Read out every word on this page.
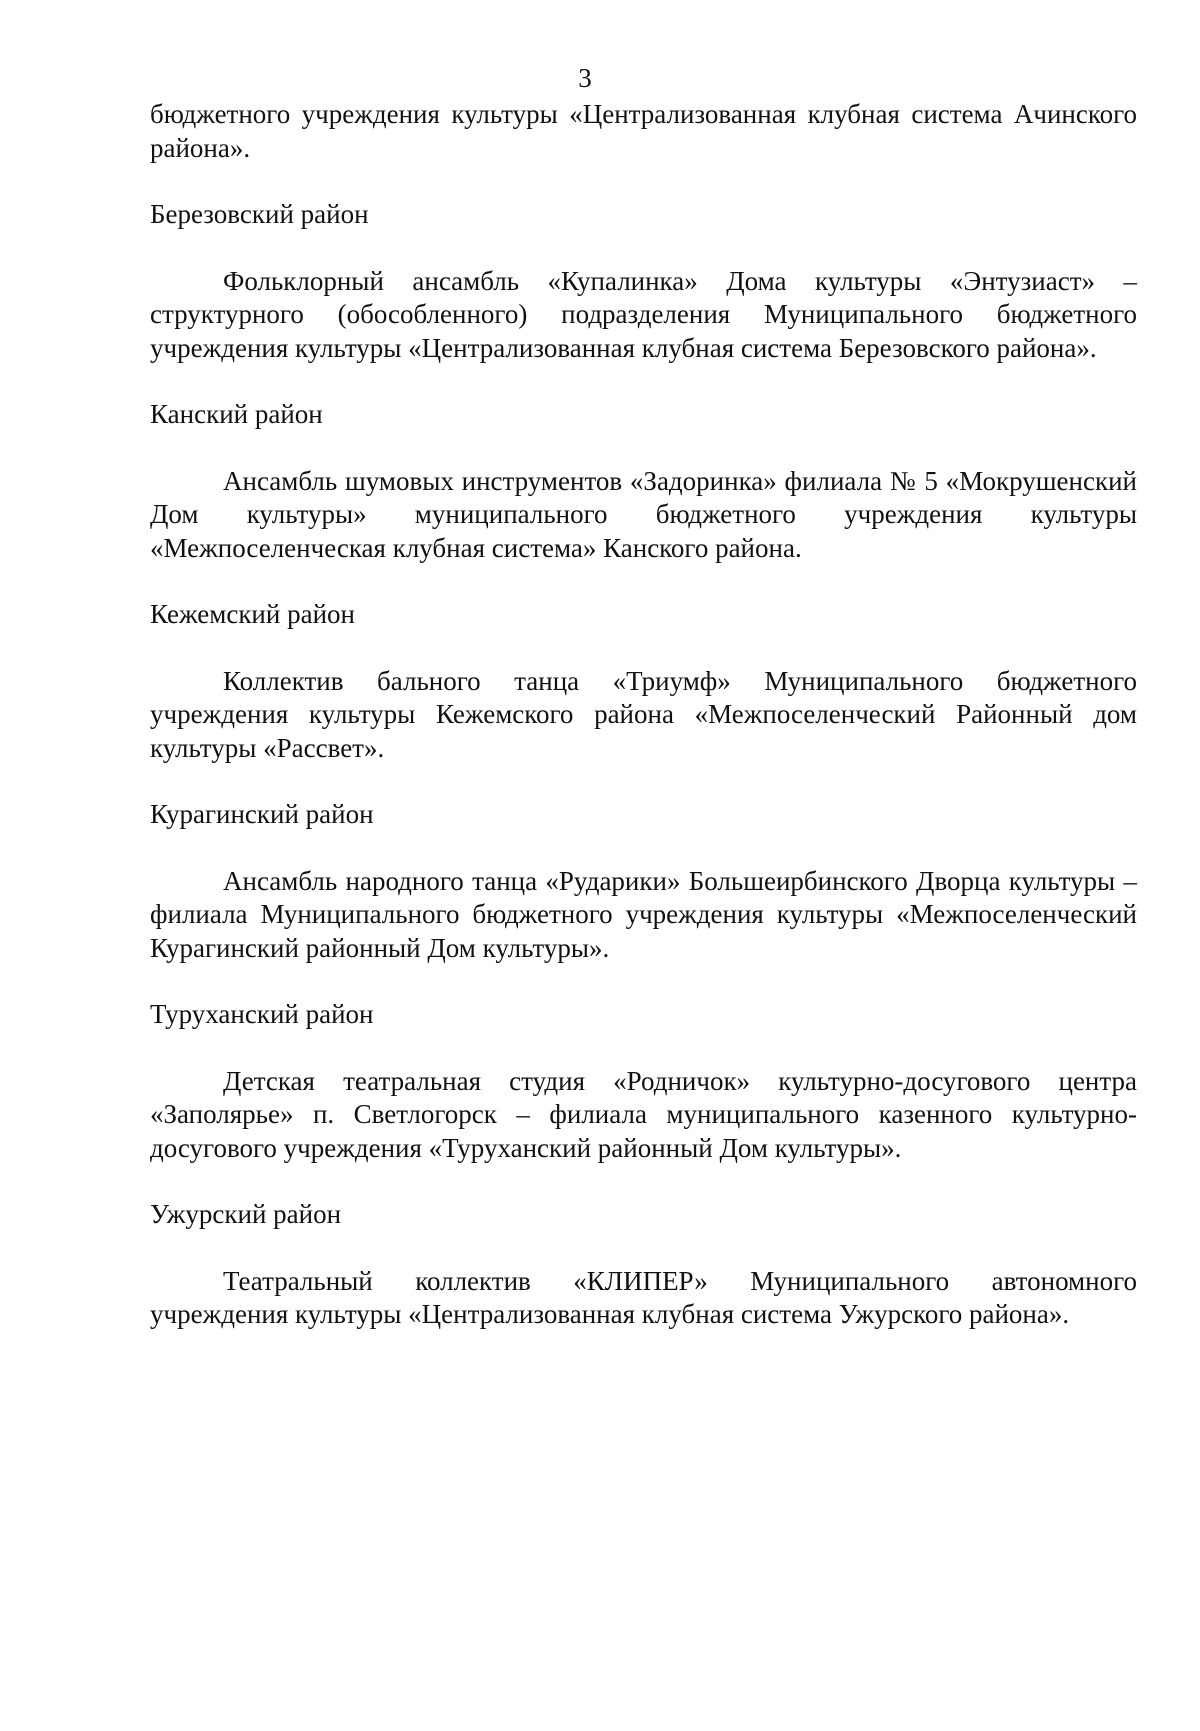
3

бюджетного учреждения культуры «Централизованная клубная система Ачинского района».

Березовский район

Фольклорный ансамбль «Купалинка» Дома культуры «Энтузиаст» – структурного (обособленного) подразделения Муниципального бюджетного учреждения культуры «Централизованная клубная система Березовского района».

Канский район

Ансамбль шумовых инструментов «Задоринка» филиала № 5 «Мокрушенский Дом культуры» муниципального бюджетного учреждения культуры «Межпоселенческая клубная система» Канского района.

Кежемский район

Коллектив бального танца «Триумф» Муниципального бюджетного учреждения культуры Кежемского района «Межпоселенческий Районный дом культуры «Рассвет».

Курагинский район

Ансамбль народного танца «Рударики» Большеирбинского Дворца культуры – филиала Муниципального бюджетного учреждения культуры «Межпоселенческий Курагинский районный Дом культуры».

Туруханский район

Детская театральная студия «Родничок» культурно-досугового центра «Заполярье» п. Светлогорск – филиала муниципального казенного культурно-досугового учреждения «Туруханский районный Дом культуры».

Ужурский район

Театральный коллектив «КЛИПЕР» Муниципального автономного учреждения культуры «Централизованная клубная система Ужурского района».
